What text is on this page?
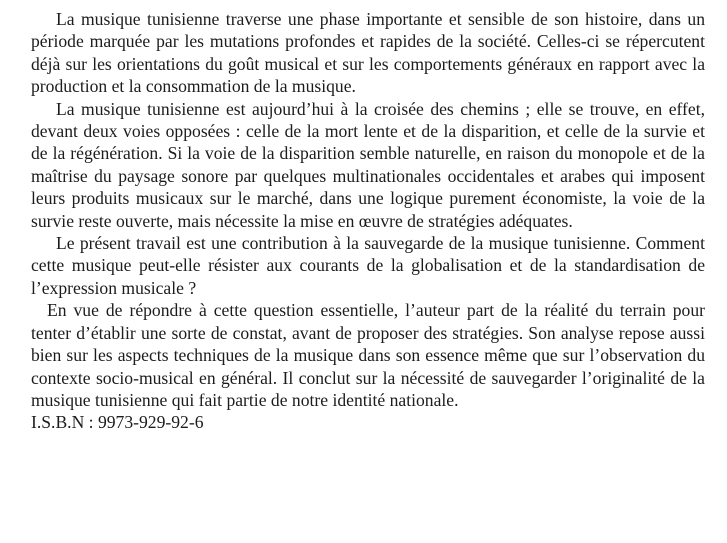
La musique tunisienne traverse une phase importante et sensible de son histoire, dans un période marquée par les mutations profondes et rapides de la société. Celles-ci se répercutent déjà sur les orientations du goût musical et sur les comportements généraux en rapport avec la production et la consommation de la musique.

La musique tunisienne est aujourd’hui à la croisée des chemins ; elle se trouve, en effet, devant deux voies opposées : celle de la mort lente et de la disparition, et celle de la survie et de la régénération. Si la voie de la disparition semble naturelle, en raison du monopole et de la maîtrise du paysage sonore par quelques multinationales occidentales et arabes qui imposent leurs produits musicaux sur le marché, dans une logique purement économiste, la voie de la survie reste ouverte, mais nécessite la mise en œuvre de stratégies adéquates.

Le présent travail est une contribution à la sauvegarde de la musique tunisienne. Comment cette musique peut-elle résister aux courants de la globalisation et de la standardisation de l’expression musicale ?

En vue de répondre à cette question essentielle, l’auteur part de la réalité du terrain pour tenter d’établir une sorte de constat, avant de proposer des stratégies. Son analyse repose aussi bien sur les aspects techniques de la musique dans son essence même que sur l’observation du contexte socio-musical en général. Il conclut sur la nécessité de sauvegarder l’originalité de la musique tunisienne qui fait partie de notre identité nationale.

I.S.B.N : 9973-929-92-6
